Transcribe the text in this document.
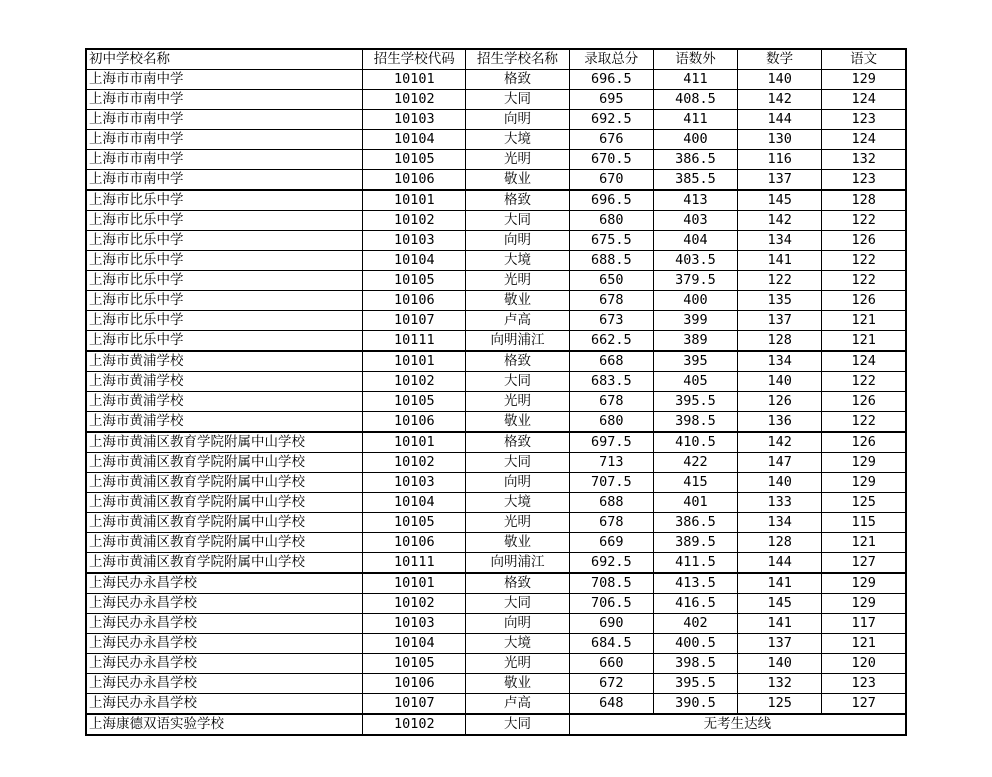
初中学校名称	招生学校代码	招生学校名称	录取总分	语数外	数学	语文
上海市市南中学	10101	格致	696.5	411	140	129
上海市市南中学	10102	大同	695	408.5	142	124
上海市市南中学	10103	向明	692.5	411	144	123
上海市市南中学	10104	大境	676	400	130	124
上海市市南中学	10105	光明	670.5	386.5	116	132
上海市市南中学	10106	敬业	670	385.5	137	123
上海市比乐中学	10101	格致	696.5	413	145	128
上海市比乐中学	10102	大同	680	403	142	122
上海市比乐中学	10103	向明	675.5	404	134	126
上海市比乐中学	10104	大境	688.5	403.5	141	122
上海市比乐中学	10105	光明	650	379.5	122	122
上海市比乐中学	10106	敬业	678	400	135	126
上海市比乐中学	10107	卢高	673	399	137	121
上海市比乐中学	10111	向明浦江	662.5	389	128	121
上海市黄浦学校	10101	格致	668	395	134	124
上海市黄浦学校	10102	大同	683.5	405	140	122
上海市黄浦学校	10105	光明	678	395.5	126	126
上海市黄浦学校	10106	敬业	680	398.5	136	122
上海市黄浦区教育学院附属中山学校	10101	格致	697.5	410.5	142	126
上海市黄浦区教育学院附属中山学校	10102	大同	713	422	147	129
上海市黄浦区教育学院附属中山学校	10103	向明	707.5	415	140	129
上海市黄浦区教育学院附属中山学校	10104	大境	688	401	133	125
上海市黄浦区教育学院附属中山学校	10105	光明	678	386.5	134	115
上海市黄浦区教育学院附属中山学校	10106	敬业	669	389.5	128	121
上海市黄浦区教育学院附属中山学校	10111	向明浦江	692.5	411.5	144	127
上海民办永昌学校	10101	格致	708.5	413.5	141	129
上海民办永昌学校	10102	大同	706.5	416.5	145	129
上海民办永昌学校	10103	向明	690	402	141	117
上海民办永昌学校	10104	大境	684.5	400.5	137	121
上海民办永昌学校	10105	光明	660	398.5	140	120
上海民办永昌学校	10106	敬业	672	395.5	132	123
上海民办永昌学校	10107	卢高	648	390.5	125	127
上海康德双语实验学校	10102	大同	无考生达线			
